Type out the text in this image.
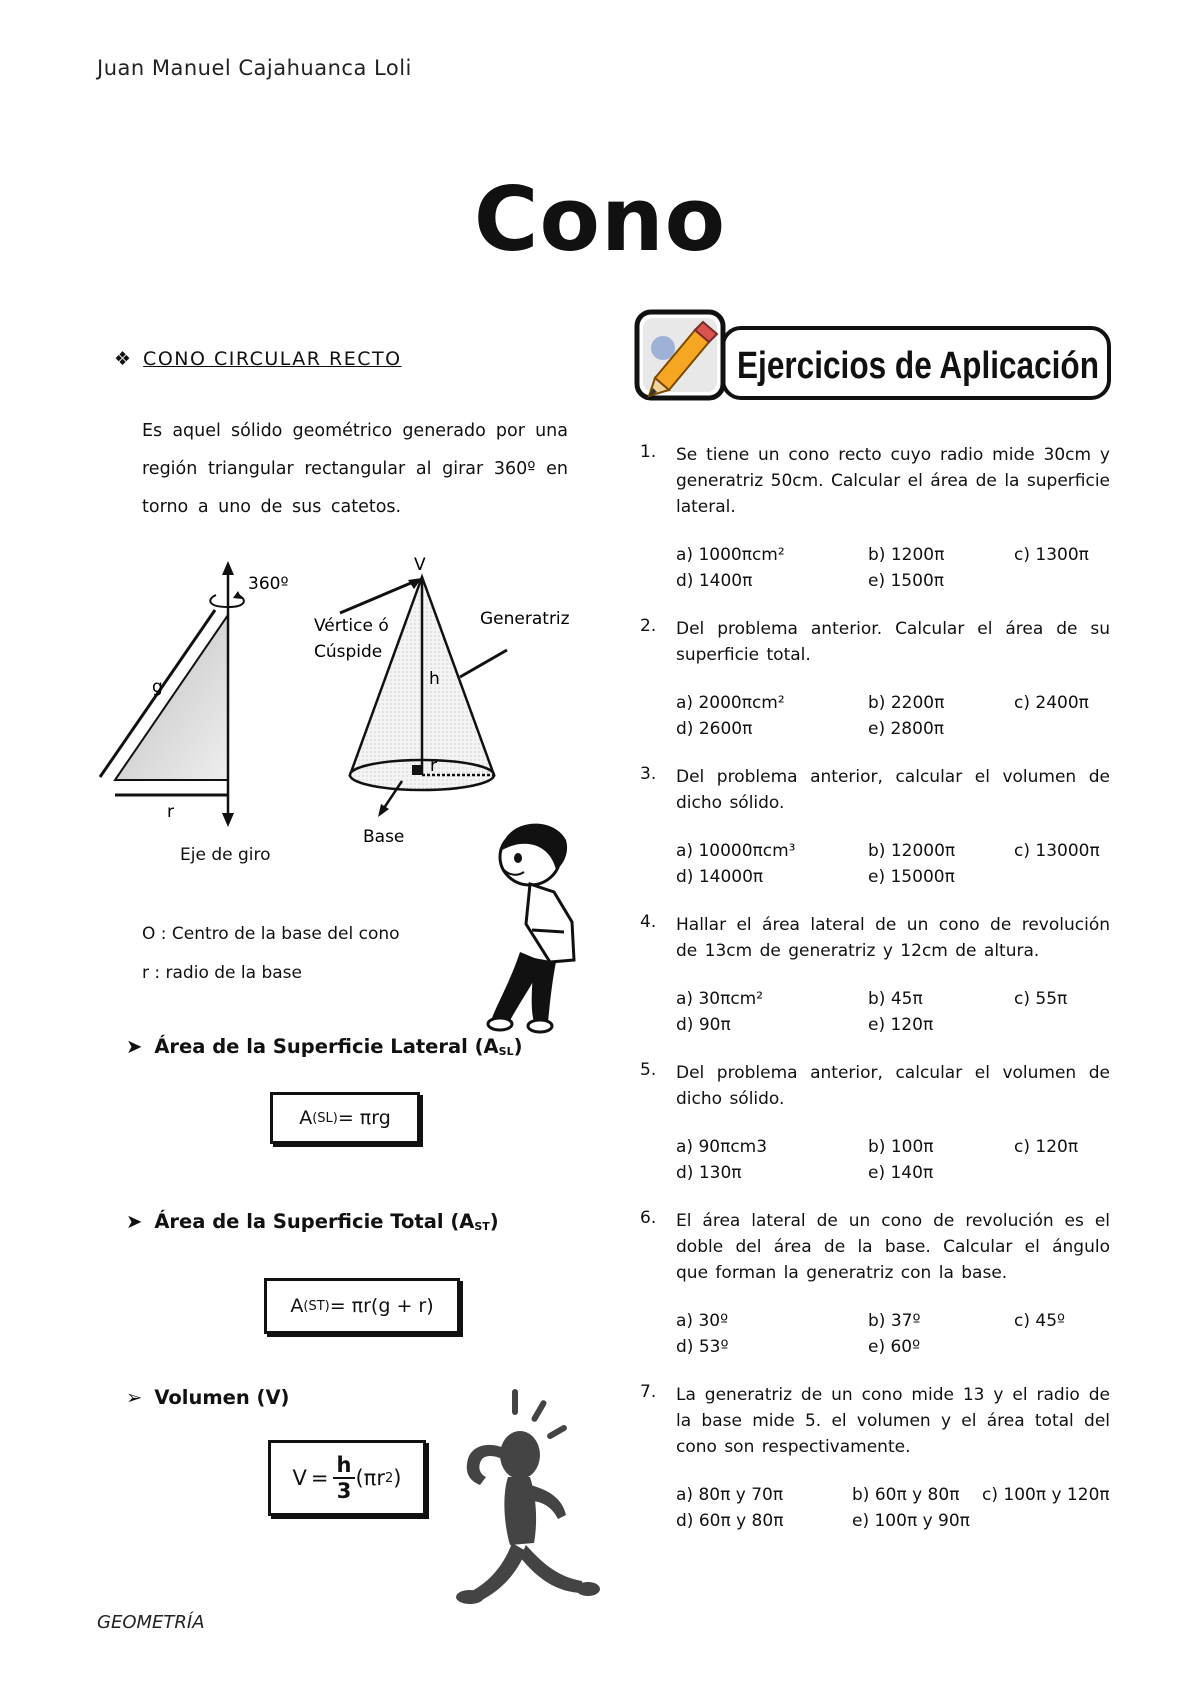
Juan Manuel Cajahuanca Loli
Cono
❖ CONO CIRCULAR RECTO
Es aquel sólido geométrico generado por una región triangular rectangular al girar 360º en torno a uno de sus catetos.
360º
g
r
Eje de giro
V
Vértice ó
Cúspide
Generatriz
h
r
Base
O : Centro de la base del cono
r : radio de la base
➤ Área de la Superficie Lateral $(A_{SL})$
A (SL) = πrg
➤ Área de la Superficie Total $(A_{ST})$
A (ST) = πr(g + r)
➢ Volumen (V)
$V = \frac{h}{3} (\pi r$ 2 )
Ejercicios de Aplicación
1. Se tiene un cono recto cuyo radio mide 30cm y generatriz 50cm. Calcular el área de la superficie lateral.
a) 1000πcm²	b) 1200π	c) 1300π
d) 1400π	e) 1500π
2. Del problema anterior. Calcular el área de su superficie total.
a) 2000πcm²	b) 2200π	c) 2400π
d) 2600π	e) 2800π
3. Del problema anterior, calcular el volumen de dicho sólido.
a) 10000πcm³	b) 12000π	c) 13000π
d) 14000π	e) 15000π
4. Hallar el área lateral de un cono de revolución de 13cm de generatriz y 12cm de altura.
a) 30πcm²	b) 45π	c) 55π
d) 90π	e) 120π
5. Del problema anterior, calcular el volumen de dicho sólido.
a) 90πcm3	b) 100π	c) 120π
d) 130π	e) 140π
6. El área lateral de un cono de revolución es el doble del área de la base. Calcular el ángulo que forman la generatriz con la base.
a) 30º	b) 37º	c) 45º
d) 53º	e) 60º
7. La generatriz de un cono mide 13 y el radio de la base mide 5. el volumen y el área total del cono son respectivamente.
a) 80π y 70π	b) 60π y 80π	c) 100π y 120π
d) 60π y 80π	e) 100π y 90π
GEOMETRÍA
